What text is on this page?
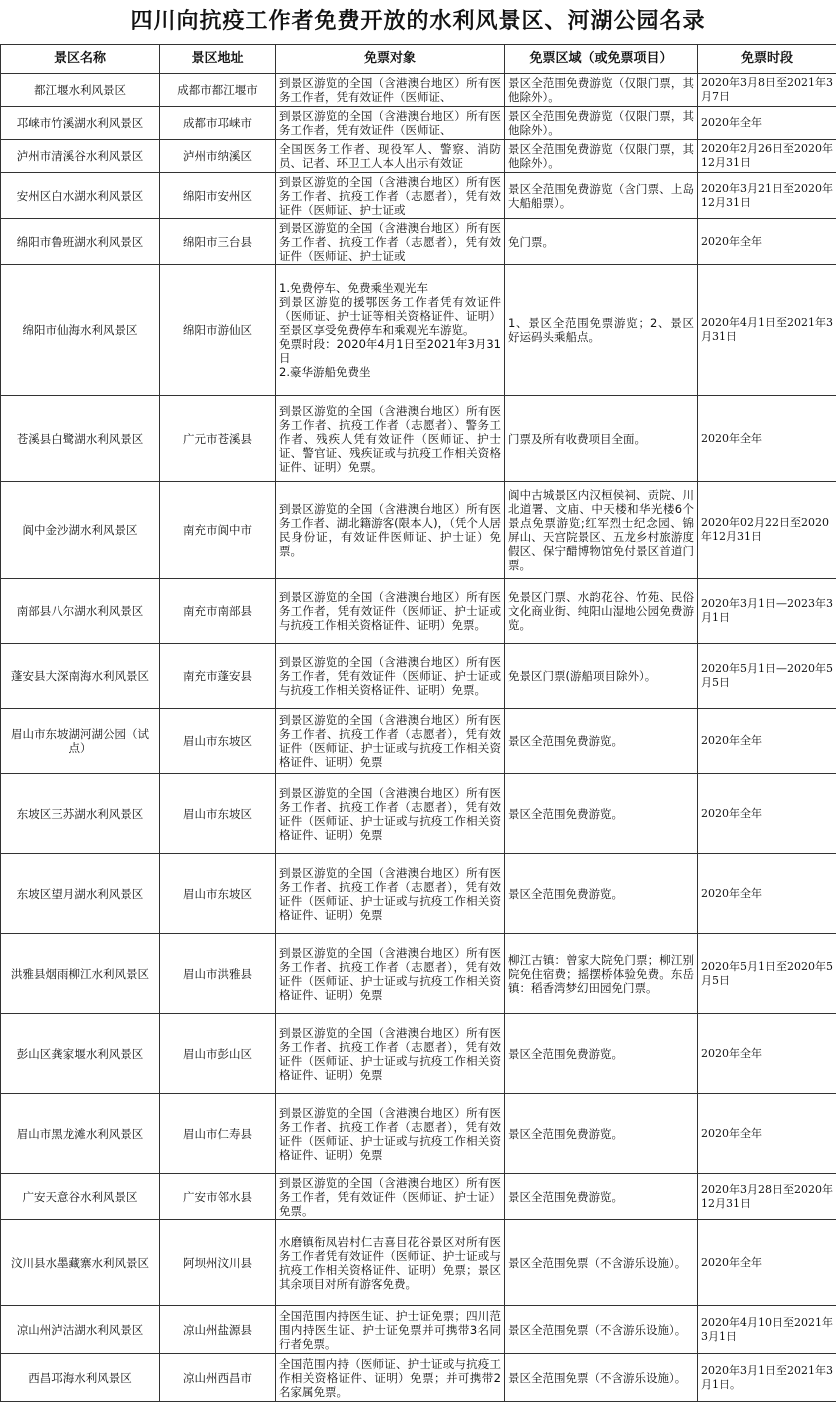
四川向抗疫工作者免费开放的水利风景区、河湖公园名录
景区名称	景区地址	免票对象	免票区域（或免票项目）	免票时段

都江堰水利风景区	成都市都江堰市	到景区游览的全国（含港澳台地区）所有医务工作者，凭有效证件（医师证、	景区全范围免费游览（仅限门票，其他除外）。	2020年3月8日至2021年3月7日

邛崃市竹溪湖水利风景区	成都市邛崃市	到景区游览的全国（含港澳台地区）所有医务工作者，凭有效证件（医师证、	景区全范围免费游览（仅限门票，其他除外）。	2020年全年

泸州市清溪谷水利风景区	泸州市纳溪区	全国医务工作者、现役军人、警察、消防员、记者、环卫工人本人出示有效证	景区全范围免费游览（仅限门票，其他除外）。	2020年2月26日至2020年12月31日

安州区白水湖水利风景区	绵阳市安州区	到景区游览的全国（含港澳台地区）所有医务工作者、抗疫工作者（志愿者），凭有效证件（医师证、护士证或	景区全范围免费游览（含门票、上岛大船船票）。	2020年3月21日至2020年12月31日

绵阳市鲁班湖水利风景区	绵阳市三台县	到景区游览的全国（含港澳台地区）所有医务工作者、抗疫工作者（志愿者），凭有效证件（医师证、护士证或	免门票。	2020年全年

绵阳市仙海水利风景区	绵阳市游仙区	1.免费停车、免费乘坐观光车
到景区游览的援鄂医务工作者凭有效证件（医师证、护士证等相关资格证件、证明）至景区享受免费停车和乘观光车游览。
免票时段：2020年4月1日至2021年3月31日
2.豪华游船免费坐	1、景区全范围免票游览；2、景区好运码头乘船点。	2020年4月1日至2021年3月31日

苍溪县白鹭湖水利风景区	广元市苍溪县	到景区游览的全国（含港澳台地区）所有医务工作者、抗疫工作者（志愿者）、警务工作者、残疾人凭有效证件（医师证、护士证、警官证、残疾证或与抗疫工作相关资格证件、证明）免票。	门票及所有收费项目全面。	2020年全年

阆中金沙湖水利风景区	南充市阆中市	到景区游览的全国（含港澳台地区）所有医务工作者、湖北籍游客(限本人)，（凭个人居民身份证，有效证件医师证、护士证）免票。	阆中古城景区内汉桓侯祠、贡院、川北道署、文庙、中天楼和华光楼6个景点免票游览;红军烈士纪念园、锦屏山、天宫院景区、五龙乡村旅游度假区、保宁醋博物馆免付景区首道门票。	2020年02月22日至2020年12月31日

南部县八尔湖水利风景区	南充市南部县	到景区游览的全国（含港澳台地区）所有医务工作者，凭有效证件（医师证、护士证或与抗疫工作相关资格证件、证明）免票。	免景区门票、水韵花谷、竹苑、民俗文化商业街、纯阳山湿地公园免费游览。	2020年3月1日—2023年3月1日

蓬安县大深南海水利风景区	南充市蓬安县	到景区游览的全国（含港澳台地区）所有医务工作者，凭有效证件（医师证、护士证或与抗疫工作相关资格证件、证明）免票。	免景区门票(游船项目除外）。	2020年5月1日—2020年5月5日

眉山市东坡湖河湖公园（试点）	眉山市东坡区	到景区游览的全国（含港澳台地区）所有医务工作者、抗疫工作者（志愿者），凭有效证件（医师证、护士证或与抗疫工作相关资格证件、证明）免票	景区全范围免费游览。	2020年全年

东坡区三苏湖水利风景区	眉山市东坡区	到景区游览的全国（含港澳台地区）所有医务工作者、抗疫工作者（志愿者），凭有效证件（医师证、护士证或与抗疫工作相关资格证件、证明）免票	景区全范围免费游览。	2020年全年

东坡区望月湖水利风景区	眉山市东坡区	到景区游览的全国（含港澳台地区）所有医务工作者、抗疫工作者（志愿者），凭有效证件（医师证、护士证或与抗疫工作相关资格证件、证明）免票	景区全范围免费游览。	2020年全年

洪雅县烟雨柳江水利风景区	眉山市洪雅县	到景区游览的全国（含港澳台地区）所有医务工作者、抗疫工作者（志愿者），凭有效证件（医师证、护士证或与抗疫工作相关资格证件、证明）免票	柳江古镇：曾家大院免门票；柳江别院免住宿费；摇摆桥体验免费。东岳镇：稻香湾梦幻田园免门票。	2020年5月1日至2020年5月5日

彭山区龚家堰水利风景区	眉山市彭山区	到景区游览的全国（含港澳台地区）所有医务工作者、抗疫工作者（志愿者），凭有效证件（医师证、护士证或与抗疫工作相关资格证件、证明）免票	景区全范围免费游览。	2020年全年

眉山市黑龙滩水利风景区	眉山市仁寿县	到景区游览的全国（含港澳台地区）所有医务工作者、抗疫工作者（志愿者），凭有效证件（医师证、护士证或与抗疫工作相关资格证件、证明）免票	景区全范围免费游览。	2020年全年

广安天意谷水利风景区	广安市邻水县	到景区游览的全国（含港澳台地区）所有医务工作者，凭有效证件（医师证、护士证）免票。	景区全范围免费游览。	2020年3月28日至2020年12月31日

汶川县水墨藏寨水利风景区	阿坝州汶川县	水磨镇衔凤岩村仁吉喜目花谷景区对所有医务工作者凭有效证件（医师证、护士证或与抗疫工作相关资格证件、证明）免票；景区其余项目对所有游客免费。	景区全范围免票（不含游乐设施）。	2020年全年

凉山州泸沽湖水利风景区	凉山州盐源县	全国范围内持医生证、护士证免票；四川范围内持医生证、护士证免票并可携带3名同行者免票。	景区全范围免票（不含游乐设施）。	2020年4月10日至2021年3月1日

西昌邛海水利风景区	凉山州西昌市	全国范围内持（医师证、护士证或与抗疫工作相关资格证件、证明）免票；并可携带2名家属免票。	景区全范围免票（不含游乐设施）。	2020年3月1日至2021年3月1日。
